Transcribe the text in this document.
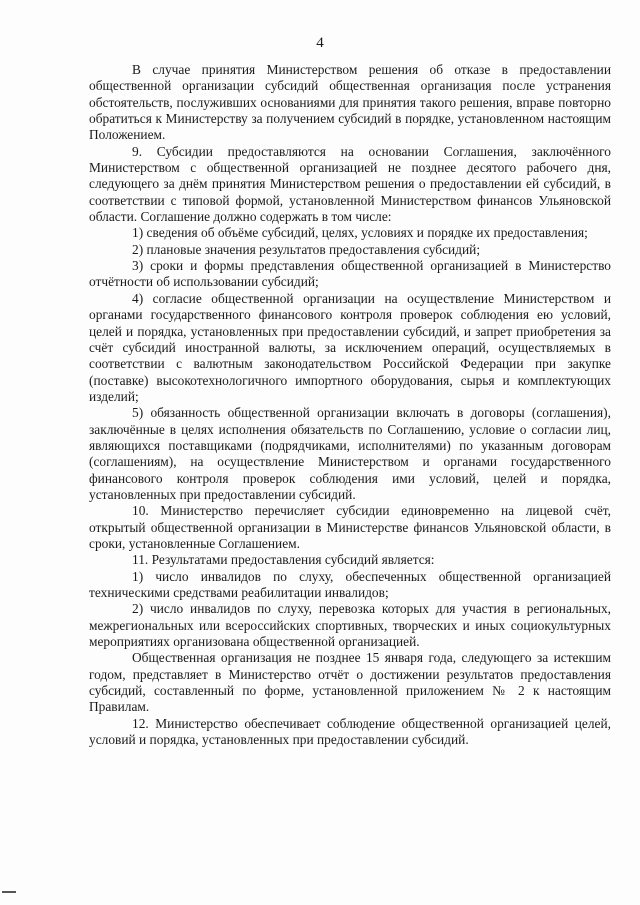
4

В случае принятия Министерством решения об отказе в предоставлении общественной организации субсидий общественная организация после устранения обстоятельств, послуживших основаниями для принятия такого решения, вправе повторно обратиться к Министерству за получением субсидий в порядке, установленном настоящим Положением.

9. Субсидии предоставляются на основании Соглашения, заключённого Министерством с общественной организацией не позднее десятого рабочего дня, следующего за днём принятия Министерством решения о предоставлении ей субсидий, в соответствии с типовой формой, установленной Министерством финансов Ульяновской области. Соглашение должно содержать в том числе:

1) сведения об объёме субсидий, целях, условиях и порядке их предоставления;

2) плановые значения результатов предоставления субсидий;

3) сроки и формы представления общественной организацией в Министерство отчётности об использовании субсидий;

4) согласие общественной организации на осуществление Министерством и органами государственного финансового контроля проверок соблюдения ею условий, целей и порядка, установленных при предоставлении субсидий, и запрет приобретения за счёт субсидий иностранной валюты, за исключением операций, осуществляемых в соответствии с валютным законодательством Российской Федерации при закупке (поставке) высокотехнологичного импортного оборудования, сырья и комплектующих изделий;

5) обязанность общественной организации включать в договоры (соглашения), заключённые в целях исполнения обязательств по Соглашению, условие о согласии лиц, являющихся поставщиками (подрядчиками, исполнителями) по указанным договорам (соглашениям), на осуществление Министерством и органами государственного финансового контроля проверок соблюдения ими условий, целей и порядка, установленных при предоставлении субсидий.

10. Министерство перечисляет субсидии единовременно на лицевой счёт, открытый общественной организации в Министерстве финансов Ульяновской области, в сроки, установленные Соглашением.

11. Результатами предоставления субсидий является:

1) число инвалидов по слуху, обеспеченных общественной организацией техническими средствами реабилитации инвалидов;

2) число инвалидов по слуху, перевозка которых для участия в региональных, межрегиональных или всероссийских спортивных, творческих и иных социокультурных мероприятиях организована общественной организацией.

Общественная организация не позднее 15 января года, следующего за истекшим годом, представляет в Министерство отчёт о достижении результатов предоставления субсидий, составленный по форме, установленной приложением № 2 к настоящим Правилам.

12. Министерство обеспечивает соблюдение общественной организацией целей, условий и порядка, установленных при предоставлении субсидий.
